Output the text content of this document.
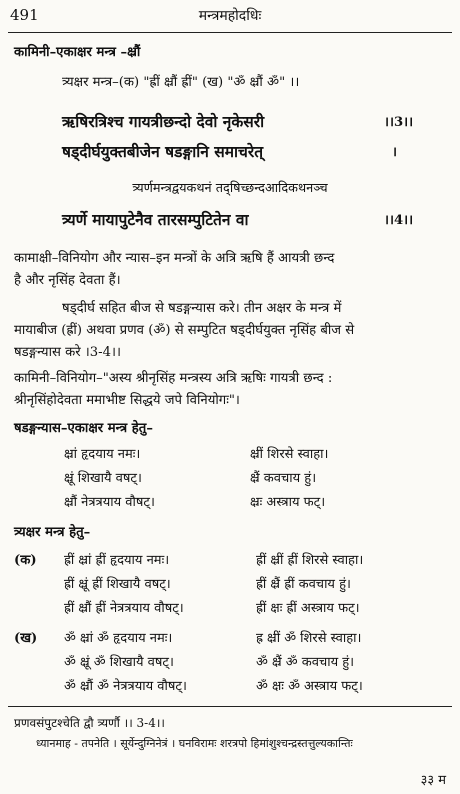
491	मन्त्रमहोदधिः
कामिनी–एकाक्षर मन्त्र –क्ष्रौं
त्र्यक्षर मन्त्र–(क) "ह्रीं क्ष्रौं ह्रीं" (ख) "ॐ क्ष्रौं ॐ" ।।
ऋषिरत्रिश्च गायत्रीछन्दो देवो नृकेसरी	।।3।।
षड्दीर्घयुक्तबीजेन षडङ्गानि समाचरेत्	।
त्र्यर्णमन्त्रद्वयकथनं तद्षिच्छन्दआदिकथनञ्च
त्र्यर्णे मायापुटेनैव तारसम्पुटितेन वा	।।4।।
कामाक्षी–विनियोग और न्यास–इन मन्त्रों के अत्रि ऋषि हैं आयत्री छन्द
है और नृसिंह देवता हैं।
षड्दीर्घ सहित बीज से षडङ्गन्यास करे। तीन अक्षर के मन्त्र में
मायाबीज (ह्रीं) अथवा प्रणव (ॐ) से सम्पुटित षड्दीर्घयुक्त नृसिंह बीज से
षडङ्गन्यास करे ।3-4।।
कामिनी–विनियोग–"अस्य श्रीनृसिंह मन्त्रस्य अत्रि ऋषिः गायत्री छन्द :
श्रीनृसिंहोदेवता ममाभीष्ट सिद्धये जपे विनियोगः"।
षडङ्गन्यास–एकाक्षर मन्त्र हेतु–
क्ष्रां हृदयाय नमः।	क्ष्रीं शिरसे स्वाहा।
क्ष्रूं शिखायै वषट्।	क्ष्रैं कवचाय हुं।
क्ष्रौं नेत्रत्रयाय वौषट्।	क्ष्रः अस्त्राय फट्।
त्र्यक्षर मन्त्र हेतु–
(क) ह्रीं क्ष्रां ह्रीं हृदयाय नमः।	ह्रीं क्ष्रीं ह्रीं शिरसे स्वाहा।
ह्रीं क्ष्रूं ह्रीं शिखायै वषट्।	ह्रीं क्ष्रैं ह्रीं कवचाय हुं।
ह्रीं क्ष्रौं ह्रीं नेत्रत्रयाय वौषट्।	ह्रीं क्षः ह्रीं अस्त्राय फट्।
(ख) ॐ क्ष्रां ॐ हृदयाय नमः।	ह्र क्ष्रीं ॐ शिरसे स्वाहा।
ॐ क्ष्रूं ॐ शिखायै वषट्।	ॐ क्ष्रैं ॐ कवचाय हुं।
ॐ क्ष्रौं ॐ नेत्रत्रयाय वौषट्।	ॐ क्षः ॐ अस्त्राय फट्।
प्रणवसंपुटश्चेति द्वौ त्र्यर्णौ ।। 3-4।।
ध्यानमाह - तपनेति । सूर्येन्दुग्निनेत्रं । घनविरामः शरत्रपो हिमांशुश्चन्द्रस्तत्तुल्यकान्तिः
३३ म
